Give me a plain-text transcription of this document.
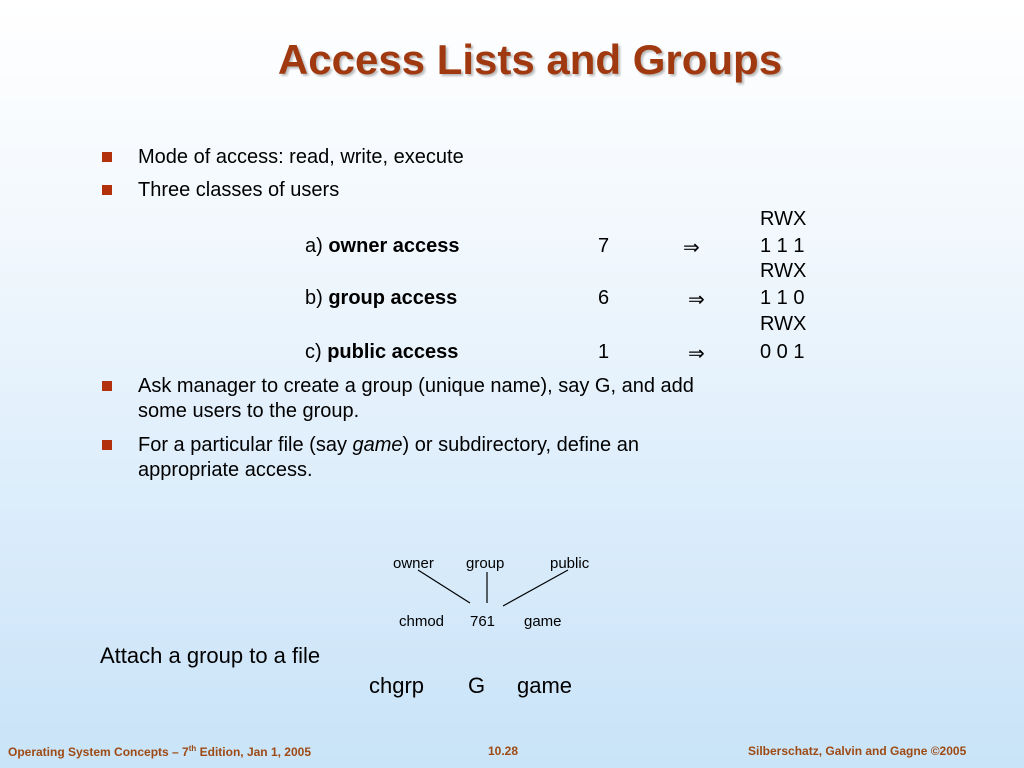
Access Lists and Groups
Mode of access: read, write, execute
Three classes of users
RWX
a) owner access	7	⇒	1 1 1
RWX
b) group access	6	⇒	1 1 0
RWX
c) public access	1	⇒	0 0 1
Ask manager to create a group (unique name), say G, and add
some users to the group.
For a particular file (say game) or subdirectory, define an
appropriate access.
owner group	public
chmod 761 game
Attach a group to a file
chgrp G game
Operating System Concepts – 7th Edition, Jan 1, 2005	10.28	Silberschatz, Galvin and Gagne ©2005
